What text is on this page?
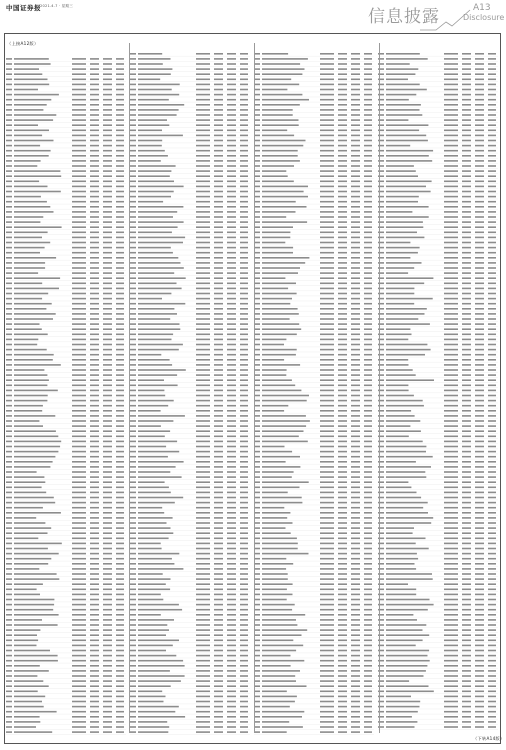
中国证券报 2021.4.7 · 星期三
信息披露	A13
Disclosure
（上接A12版）
（下转A14版）
